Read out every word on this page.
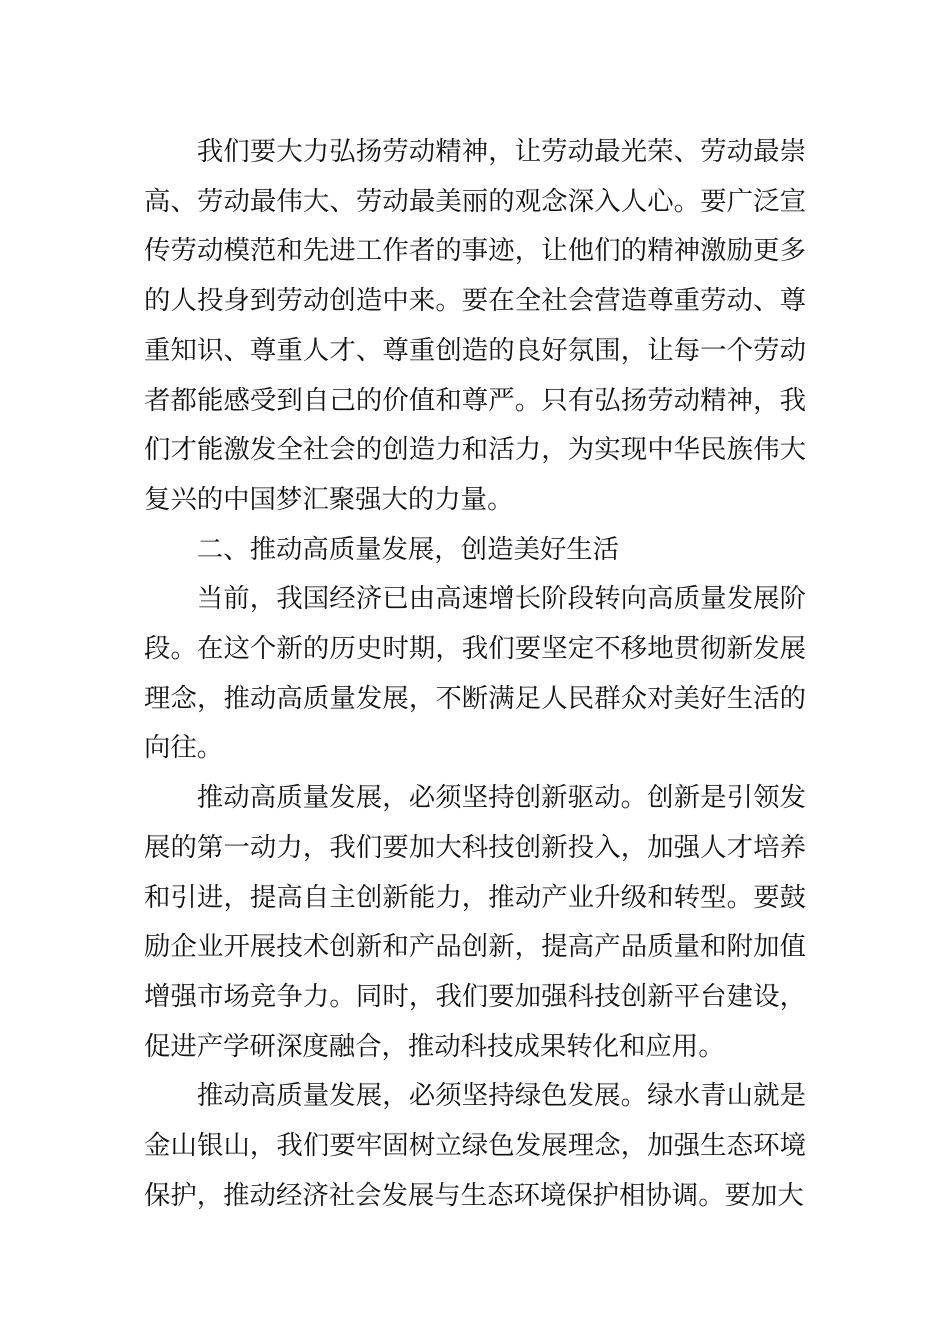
我们要大力弘扬劳动精神，让劳动最光荣、劳动最崇高、劳动最伟大、劳动最美丽的观念深入人心。要广泛宣传劳动模范和先进工作者的事迹，让他们的精神激励更多的人投身到劳动创造中来。要在全社会营造尊重劳动、尊重知识、尊重人才、尊重创造的良好氛围，让每一个劳动者都能感受到自己的价值和尊严。只有弘扬劳动精神，我们才能激发全社会的创造力和活力，为实现中华民族伟大复兴的中国梦汇聚强大的力量。

二、推动高质量发展，创造美好生活

当前，我国经济已由高速增长阶段转向高质量发展阶段。在这个新的历史时期，我们要坚定不移地贯彻新发展理念，推动高质量发展，不断满足人民群众对美好生活的向往。

推动高质量发展，必须坚持创新驱动。创新是引领发展的第一动力，我们要加大科技创新投入，加强人才培养和引进，提高自主创新能力，推动产业升级和转型。要鼓励企业开展技术创新和产品创新，提高产品质量和附加值增强市场竞争力。同时，我们要加强科技创新平台建设，促进产学研深度融合，推动科技成果转化和应用。

推动高质量发展，必须坚持绿色发展。绿水青山就是金山银山，我们要牢固树立绿色发展理念，加强生态环境保护，推动经济社会发展与生态环境保护相协调。要加大
